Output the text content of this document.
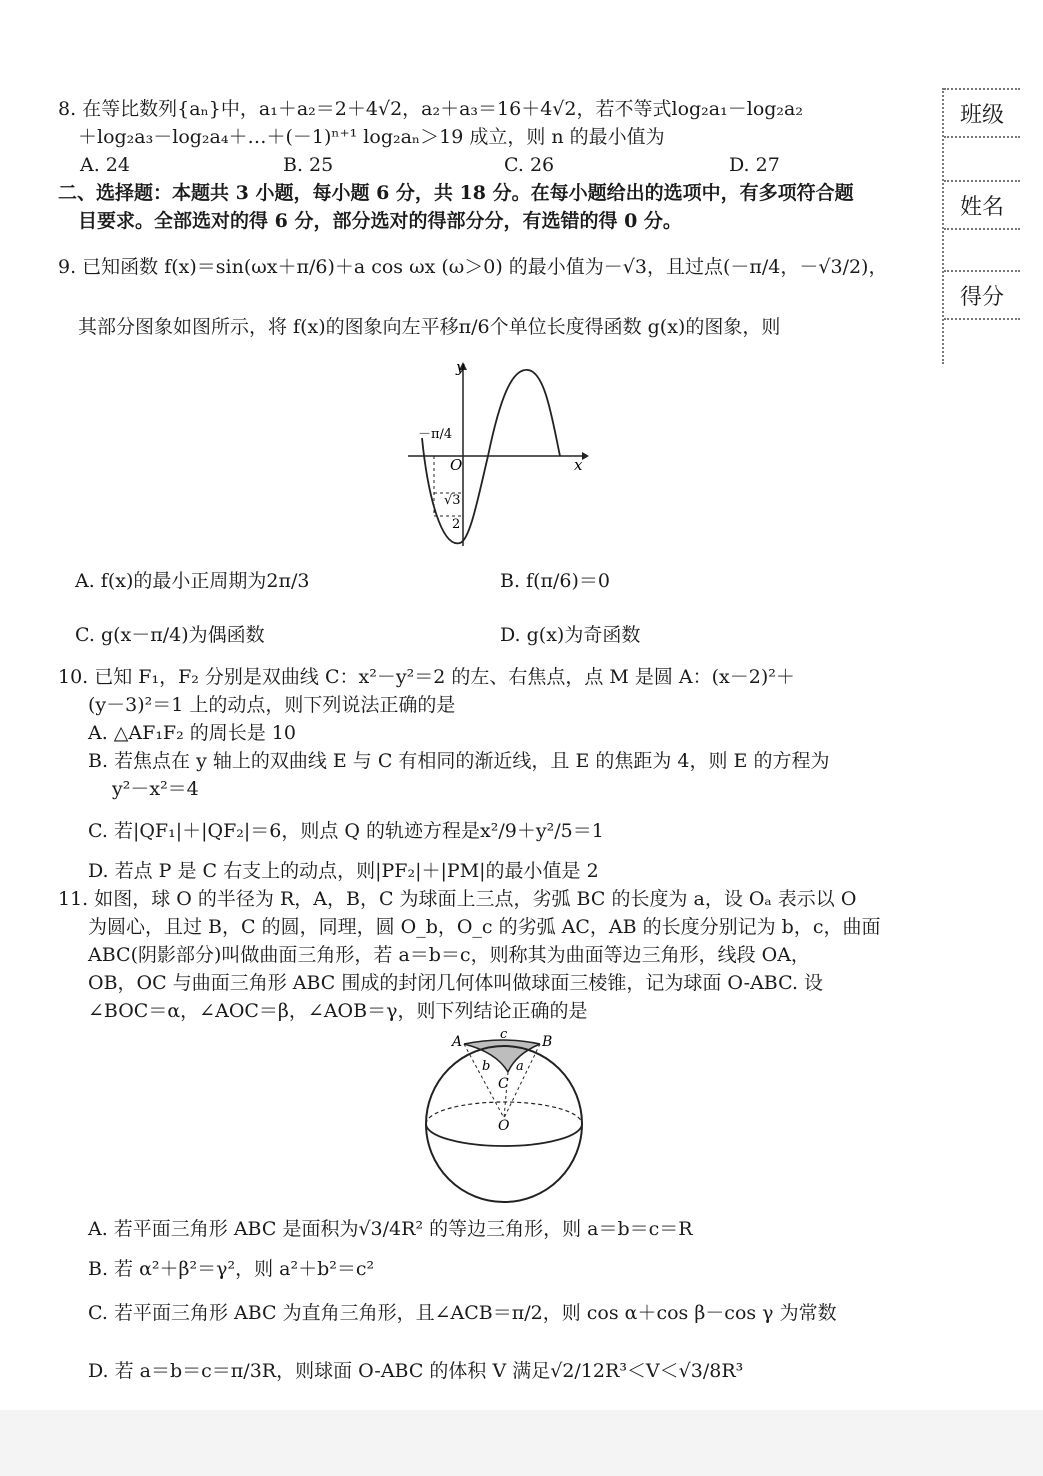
班级
姓名
得分
8. 在等比数列{aₙ}中，a₁＋a₂＝2＋4√2，a₂＋a₃＝16＋4√2，若不等式log₂a₁－log₂a₂
＋log₂a₃－log₂a₄＋…＋(－1)ⁿ⁺¹ log₂aₙ＞19 成立，则 n 的最小值为
A. 24	B. 25	C. 26	D. 27
二、选择题：本题共 3 小题，每小题 6 分，共 18 分。在每小题给出的选项中，有多项符合题
目要求。全部选对的得 6 分，部分选对的得部分分，有选错的得 0 分。
9. 已知函数 f(x)＝sin(ωx＋π/6)＋a cos ωx (ω＞0) 的最小值为－√3，且过点(－π/4，－√3/2)，
其部分图象如图所示，将 f(x)的图象向左平移π/6个单位长度得函数 g(x)的图象，则
y
x
O
－π/4
√3
2
A. f(x)的最小正周期为2π/3	B. f(π/6)＝0
C. g(x－π/4)为偶函数	D. g(x)为奇函数
10. 已知 F₁，F₂ 分别是双曲线 C：x²－y²＝2 的左、右焦点，点 M 是圆 A：(x－2)²＋
(y－3)²＝1 上的动点，则下列说法正确的是
A. △AF₁F₂ 的周长是 10
B. 若焦点在 y 轴上的双曲线 E 与 C 有相同的渐近线，且 E 的焦距为 4，则 E 的方程为
y²－x²＝4
C. 若|QF₁|＋|QF₂|＝6，则点 Q 的轨迹方程是x²/9＋y²/5＝1
D. 若点 P 是 C 右支上的动点，则|PF₂|＋|PM|的最小值是 2
11. 如图，球 O 的半径为 R，A，B，C 为球面上三点，劣弧 BC 的长度为 a，设 Oₐ 表示以 O
为圆心，且过 B，C 的圆，同理，圆 O_b，O_c 的劣弧 AC，AB 的长度分别记为 b，c，曲面
ABC(阴影部分)叫做曲面三角形，若 a＝b＝c，则称其为曲面等边三角形，线段 OA，
OB，OC 与曲面三角形 ABC 围成的封闭几何体叫做球面三棱锥，记为球面 O-ABC. 设
∠BOC＝α，∠AOC＝β，∠AOB＝γ，则下列结论正确的是
A	B
C
O
c
b a
A. 若平面三角形 ABC 是面积为√3/4R² 的等边三角形，则 a＝b＝c＝R
B. 若 α²＋β²＝γ²，则 a²＋b²＝c²
C. 若平面三角形 ABC 为直角三角形，且∠ACB＝π/2，则 cos α＋cos β－cos γ 为常数
D. 若 a＝b＝c＝π/3R，则球面 O-ABC 的体积 V 满足√2/12R³＜V＜√3/8R³
